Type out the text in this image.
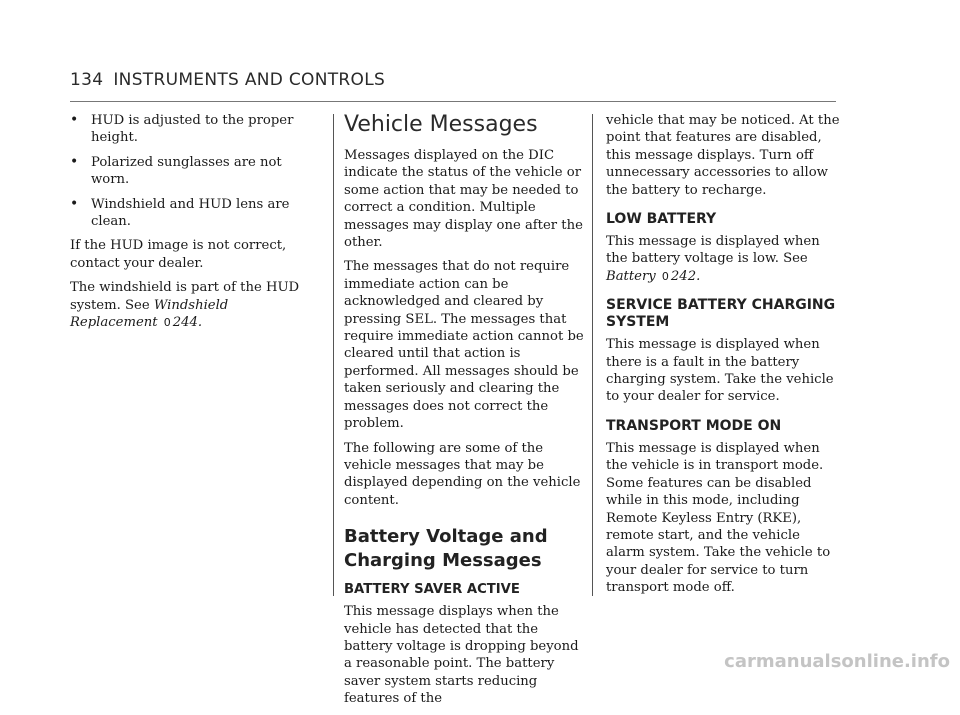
134 INSTRUMENTS AND CONTROLS
• HUD is adjusted to the proper height.
• Polarized sunglasses are not worn.
• Windshield and HUD lens are clean.

If the HUD image is not correct, contact your dealer.

The windshield is part of the HUD system. See Windshield Replacement 0 244.

Vehicle Messages

Messages displayed on the DIC indicate the status of the vehicle or some action that may be needed to correct a condition. Multiple messages may display one after the other.

The messages that do not require immediate action can be acknowledged and cleared by pressing SEL. The messages that require immediate action cannot be cleared until that action is performed. All messages should be taken seriously and clearing the messages does not correct the problem.

The following are some of the vehicle messages that may be displayed depending on the vehicle content.

Battery Voltage and Charging Messages
BATTERY SAVER ACTIVE

This message displays when the vehicle has detected that the battery voltage is dropping beyond a reasonable point. The battery saver system starts reducing features of the

vehicle that may be noticed. At the point that features are disabled, this message displays. Turn off unnecessary accessories to allow the battery to recharge.

LOW BATTERY

This message is displayed when the battery voltage is low. See Battery 0 242.

SERVICE BATTERY CHARGING SYSTEM

This message is displayed when there is a fault in the battery charging system. Take the vehicle to your dealer for service.

TRANSPORT MODE ON

This message is displayed when the vehicle is in transport mode. Some features can be disabled while in this mode, including Remote Keyless Entry (RKE), remote start, and the vehicle alarm system. Take the vehicle to your dealer for service to turn transport mode off.

carmanualsonline.info
